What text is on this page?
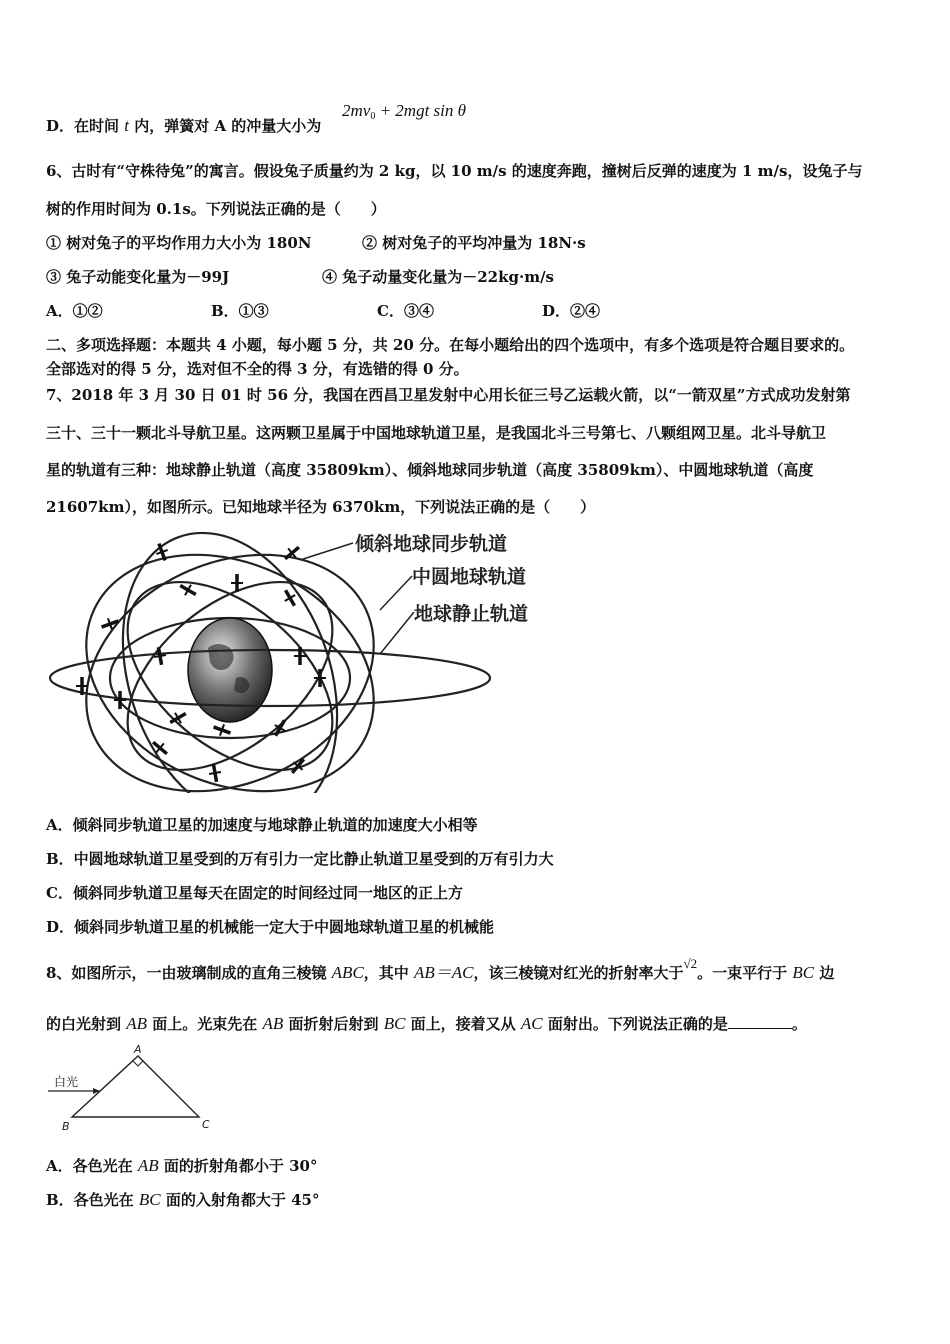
D．在时间 t 内，弹簧对 A 的冲量大小为
$2mv_0 + 2mgt$ sin θ
6、古时有“守株待兔”的寓言。假设兔子质量约为 2 kg，以 10 m/s 的速度奔跑，撞树后反弹的速度为 1 m/s，设兔子与
树的作用时间为 0.1s。下列说法正确的是（　　）
① 树对兔子的平均作用力大小为 180N	② 树对兔子的平均冲量为 18N·s
③ 兔子动能变化量为－99J	④ 兔子动量变化量为－22kg·m/s
A．①②	B．①③	C．③④	D．②④
二、多项选择题：本题共 4 小题，每小题 5 分，共 20 分。在每小题给出的四个选项中，有多个选项是符合题目要求的。
全部选对的得 5 分，选对但不全的得 3 分，有选错的得 0 分。
7、2018 年 3 月 30 日 01 时 56 分，我国在西昌卫星发射中心用长征三号乙运载火箭，以“一箭双星”方式成功发射第
三十、三十一颗北斗导航卫星。这两颗卫星属于中国地球轨道卫星，是我国北斗三号第七、八颗组网卫星。北斗导航卫
星的轨道有三种：地球静止轨道（高度 35809km）、倾斜地球同步轨道（高度 35809km）、中圆地球轨道（高度
21607km），如图所示。已知地球半径为 6370km，下列说法正确的是（　　）
倾斜地球同步轨道
中圆地球轨道
地球静止轨道
A．倾斜同步轨道卫星的加速度与地球静止轨道的加速度大小相等
B．中圆地球轨道卫星受到的万有引力一定比静止轨道卫星受到的万有引力大
C．倾斜同步轨道卫星每天在固定的时间经过同一地区的正上方
D．倾斜同步轨道卫星的机械能一定大于中圆地球轨道卫星的机械能
8、如图所示，一由玻璃制成的直角三棱镜 ABC，其中 AB＝AC，该三棱镜对红光的折射率大于√2。一束平行于 BC 边
的白光射到 AB 面上。光束先在 AB 面折射后射到 BC 面上，接着又从 AC 面射出。下列说法正确的是	。
白光
A
B	C
A．各色光在 AB 面的折射角都小于 30°
B．各色光在 BC 面的入射角都大于 45°
